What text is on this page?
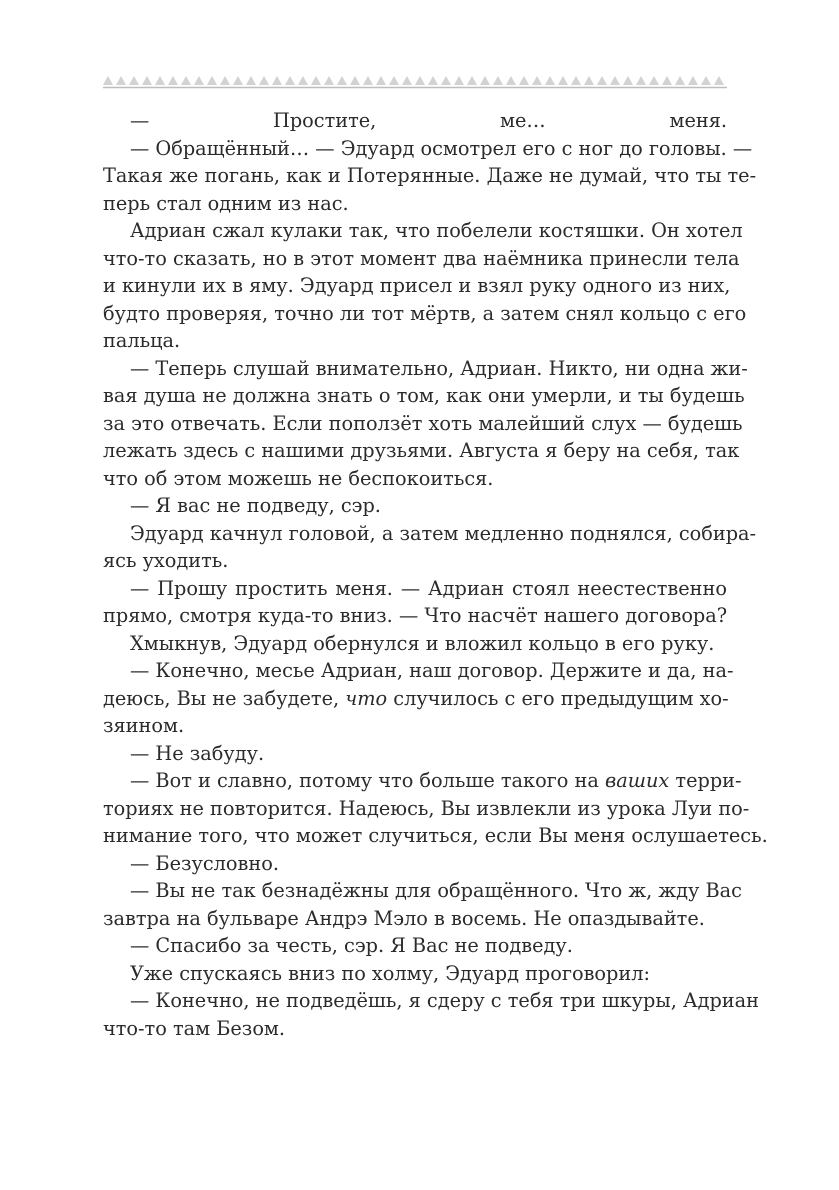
— Простите, ме… меня.
— Обращённый… — Эдуард осмотрел его с ног до головы. —
Такая же погань, как и Потерянные. Даже не думай, что ты те-
перь стал одним из нас.
Адриан сжал кулаки так, что побелели костяшки. Он хотел
что-то сказать, но в этот момент два наёмника принесли тела
и кинули их в яму. Эдуард присел и взял руку одного из них,
будто проверяя, точно ли тот мёртв, а затем снял кольцо с его
пальца.
— Теперь слушай внимательно, Адриан. Никто, ни одна жи-
вая душа не должна знать о том, как они умерли, и ты будешь
за это отвечать. Если поползёт хоть малейший слух — будешь
лежать здесь с нашими друзьями. Августа я беру на себя, так
что об этом можешь не беспокоиться.
— Я вас не подведу, сэр.
Эдуард качнул головой, а затем медленно поднялся, собира-
ясь уходить.
— Прошу простить меня. — Адриан стоял неестественно
прямо, смотря куда-то вниз. — Что насчёт нашего договора?
Хмыкнув, Эдуард обернулся и вложил кольцо в его руку.
— Конечно, месье Адриан, наш договор. Держите и да, на-
деюсь, Вы не забудете, что случилось с его предыдущим хо-
зяином.
— Не забуду.
— Вот и славно, потому что больше такого на ваших терри-
ториях не повторится. Надеюсь, Вы извлекли из урока Луи по-
нимание того, что может случиться, если Вы меня ослушаетесь.
— Безусловно.
— Вы не так безнадёжны для обращённого. Что ж, жду Вас
завтра на бульваре Андрэ Мэло в восемь. Не опаздывайте.
— Спасибо за честь, сэр. Я Вас не подведу.
Уже спускаясь вниз по холму, Эдуард проговорил:
— Конечно, не подведёшь, я сдеру с тебя три шкуры, Адриан
что-то там Безом.
